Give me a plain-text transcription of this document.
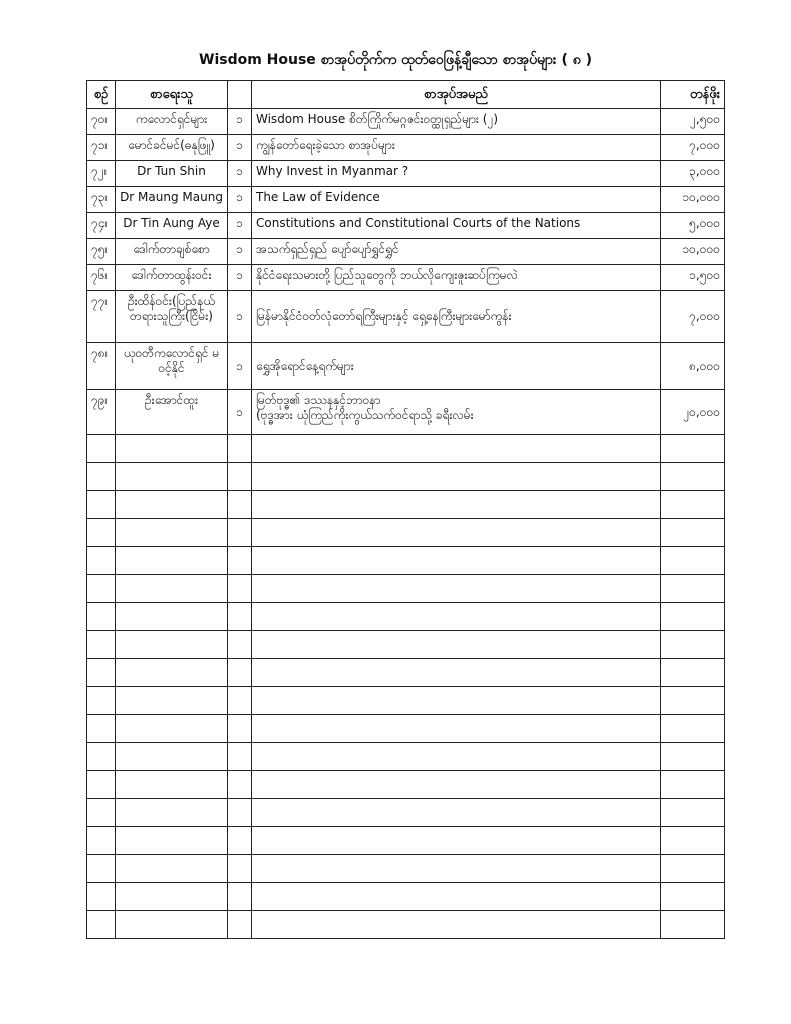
Wisdom House စာအုပ်တိုက်က ထုတ်ဝေဖြန့်ချီသော စာအုပ်များ ( ၈ )
စဉ်	စာရေးသူ		စာအုပ်အမည်	တန်ဖိုး
၇၀။	ကလောင်ရှင်များ	၁	Wisdom House စိတ်ကြိုက်မဂ္ဂဇင်းဝတ္ထုရှည်များ (၂)	၂,၅၀၀
၇၁။	မောင်ခင်မင်(ဓနုဖြူ)	၁	ကျွန်တော်ရေးခဲ့သော စာအုပ်များ	၇,၀၀၀
၇၂။	Dr Tun Shin	၁	Why Invest in Myanmar ?	၃,၀၀၀
၇၃။	Dr Maung Maung	၁	The Law of Evidence	၁၀,၀၀၀
၇၄။	Dr Tin Aung Aye	၁	Constitutions and Constitutional Courts of the Nations	၅,၀၀၀
၇၅။	ဒေါက်တာချစ်စော	၁	အသက်ရှည်ရှည် ပျော်ပျော်ရွှင်ရွှင်	၁၀,၀၀၀
၇၆။	ဒေါက်တာထွန်းဝင်း	၁	နိုင်ငံရေးသမားတို့ ပြည်သူတွေကို ဘယ်လိုကျေးဇူးဆပ်ကြမလဲ	၁,၅၀၀
၇၇။	ဦးထိန်ဝင်း(ပြည်နယ် တရားသူကြီး(ငြိမ်း)	၁	မြန်မာနိုင်ငံဝတ်လုံတော်ရကြီးများနှင့် ရှေ့နေကြီးများမော်ကွန်း	၇,၀၀၀
၇၈။	ယုဝတီကလောင်ရှင် မဝင့်နိုင်	၁	ရွှေအိုရောင်နေ့ရက်များ	၈,၀၀၀
၇၉။	ဦးအောင်ထူး	၁	မြတ်ဗုဒ္ဓ၏ ဒဿနနှင့်ဘာဝနာ
(ဗုဒ္ဓအား ယုံကြည်ကိုးကွယ်သက်ဝင်ရာသို့ ခရီးလမ်း	၂၀,၀၀၀
